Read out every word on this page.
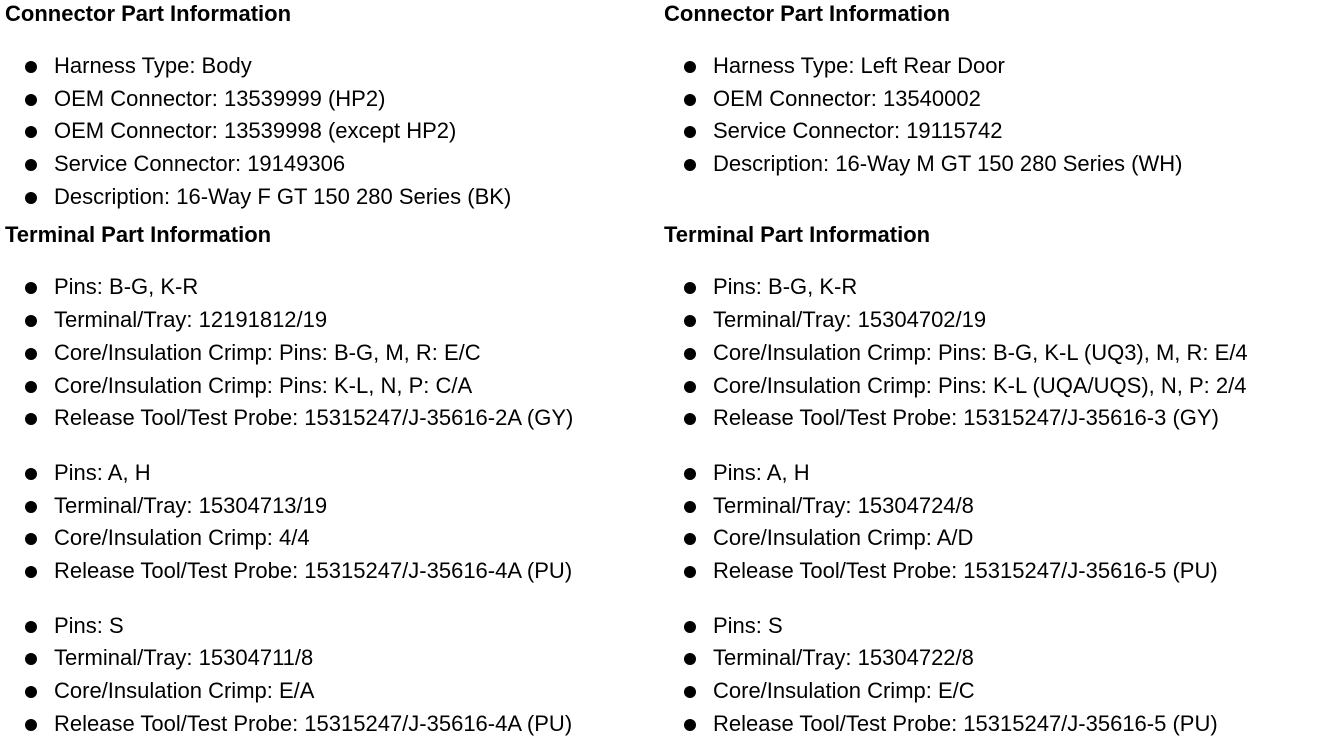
Connector Part Information
Harness Type: Body
OEM Connector: 13539999 (HP2)
OEM Connector: 13539998 (except HP2)
Service Connector: 19149306
Description: 16-Way F GT 150 280 Series (BK)
Terminal Part Information
Pins: B-G, K-R
Terminal/Tray: 12191812/19
Core/Insulation Crimp: Pins: B-G, M, R: E/C
Core/Insulation Crimp: Pins: K-L, N, P: C/A
Release Tool/Test Probe: 15315247/J-35616-2A (GY)
Pins: A, H
Terminal/Tray: 15304713/19
Core/Insulation Crimp: 4/4
Release Tool/Test Probe: 15315247/J-35616-4A (PU)
Pins: S
Terminal/Tray: 15304711/8
Core/Insulation Crimp: E/A
Release Tool/Test Probe: 15315247/J-35616-4A (PU)
Connector Part Information
Harness Type: Left Rear Door
OEM Connector: 13540002
Service Connector: 19115742
Description: 16-Way M GT 150 280 Series (WH)
Terminal Part Information
Pins: B-G, K-R
Terminal/Tray: 15304702/19
Core/Insulation Crimp: Pins: B-G, K-L (UQ3), M, R: E/4
Core/Insulation Crimp: Pins: K-L (UQA/UQS), N, P: 2/4
Release Tool/Test Probe: 15315247/J-35616-3 (GY)
Pins: A, H
Terminal/Tray: 15304724/8
Core/Insulation Crimp: A/D
Release Tool/Test Probe: 15315247/J-35616-5 (PU)
Pins: S
Terminal/Tray: 15304722/8
Core/Insulation Crimp: E/C
Release Tool/Test Probe: 15315247/J-35616-5 (PU)
